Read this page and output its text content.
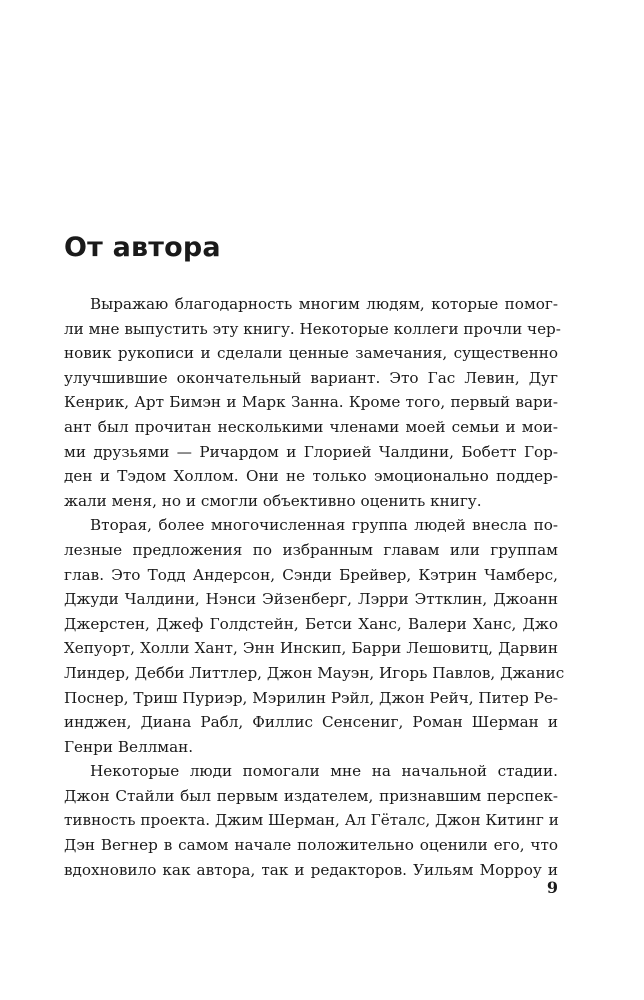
От автора
Выражаю благодарность многим людям, которые помог-
ли мне выпустить эту книгу. Некоторые коллеги прочли чер-
новик рукописи и сделали ценные замечания, существенно
улучшившие окончательный вариант. Это Гас Левин, Дуг
Кенрик, Арт Бимэн и Марк Занна. Кроме того, первый вари-
ант был прочитан несколькими членами моей семьи и мои-
ми друзьями — Ричардом и Глорией Чалдини, Бобетт Гор-
ден и Тэдом Холлом. Они не только эмоционально поддер-
жали меня, но и смогли объективно оценить книгу.
Вторая, более многочисленная группа людей внесла по-
лезные предложения по избранным главам или группам
глав. Это Тодд Андерсон, Сэнди Брейвер, Кэтрин Чамберс,
Джуди Чалдини, Нэнси Эйзенберг, Лэрри Эттклин, Джоанн
Джерстен, Джеф Голдстейн, Бетси Ханс, Валери Ханс, Джо
Хепуорт, Холли Хант, Энн Инскип, Барри Лешовитц, Дарвин
Линдер, Дебби Литтлер, Джон Мауэн, Игорь Павлов, Джанис
Поснер, Триш Пуриэр, Мэрилин Рэйл, Джон Рейч, Питер Ре-
инджен, Диана Рабл, Филлис Сенсениг, Роман Шерман и
Генри Веллман.
Некоторые люди помогали мне на начальной стадии.
Джон Стайли был первым издателем, признавшим перспек-
тивность проекта. Джим Шерман, Ал Гёталс, Джон Китинг и
Дэн Вегнер в самом начале положительно оценили его, что
вдохновило как автора, так и редакторов. Уильям Морроу и
9
